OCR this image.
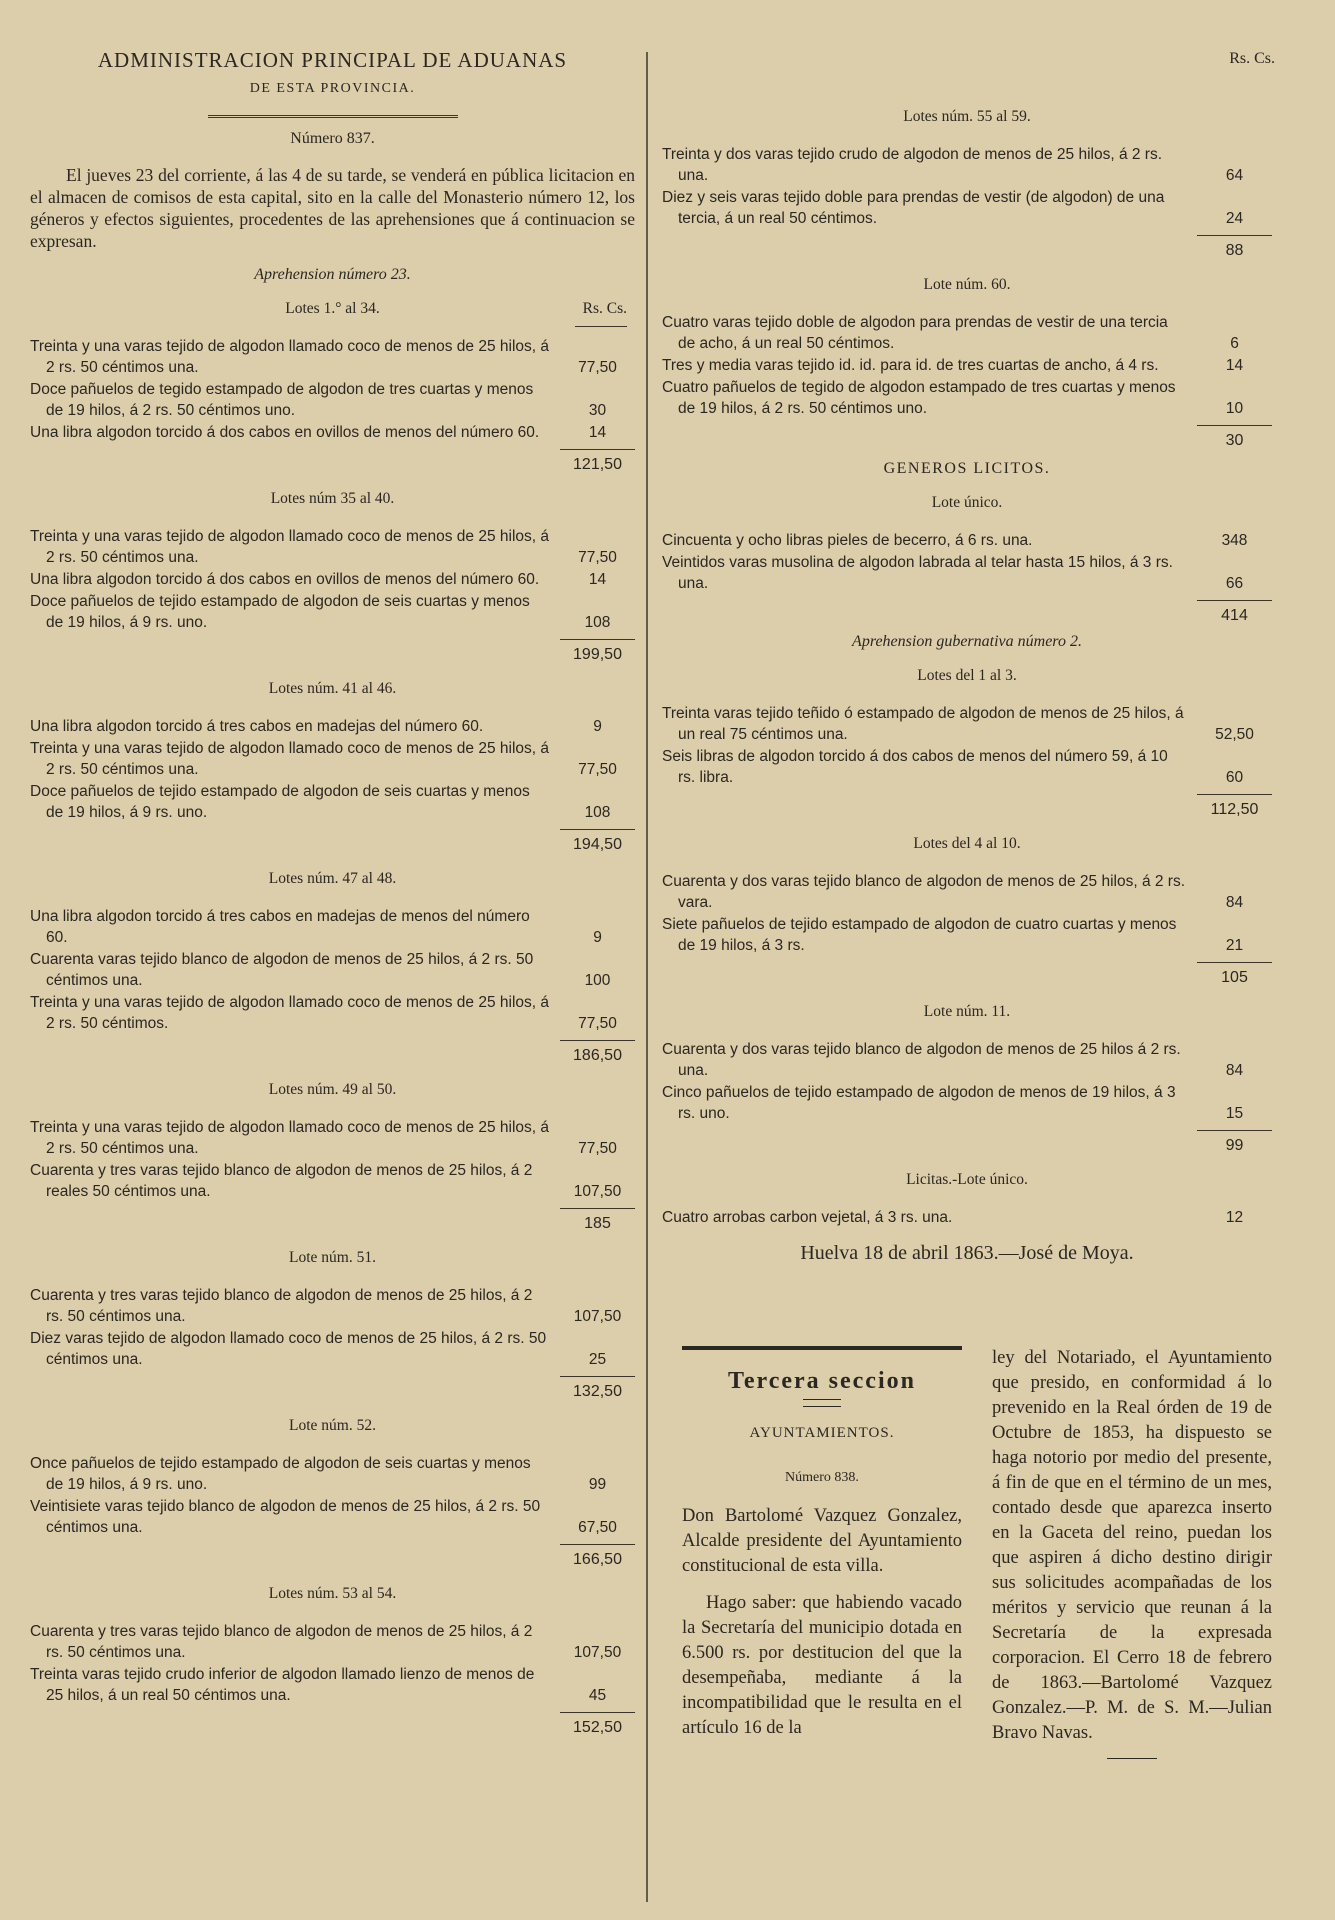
Rs. Cs.
ADMINISTRACION PRINCIPAL DE ADUANAS
DE ESTA PROVINCIA.
Número 837.

El jueves 23 del corriente, á las 4 de su tarde, se venderá en pública licitacion en el almacen de comisos de esta capital, sito en la calle del Monasterio número 12, los géneros y efectos siguientes, procedentes de las aprehensiones que á continuacion se expresan.

Aprehension número 23.
Lotes 1.° al 34.	Rs. Cs.
Treinta y una varas tejido de algodon llamado coco de menos de 25 hilos, á 2 rs. 50 céntimos una.	77,50
Doce pañuelos de tegido estampado de algodon de tres cuartas y menos de 19 hilos, á 2 rs. 50 céntimos uno.	30
Una libra algodon torcido á dos cabos en ovillos de menos del número 60.	14
121,50
Lotes núm 35 al 40.
Treinta y una varas tejido de algodon llamado coco de menos de 25 hilos, á 2 rs. 50 céntimos una.	77,50
Una libra algodon torcido á dos cabos en ovillos de menos del número 60.	14
Doce pañuelos de tejido estampado de algodon de seis cuartas y menos de 19 hilos, á 9 rs. uno.	108
199,50
Lotes núm. 41 al 46.
Una libra algodon torcido á tres cabos en madejas del número 60.	9
Treinta y una varas tejido de algodon llamado coco de menos de 25 hilos, á 2 rs. 50 céntimos una.	77,50
Doce pañuelos de tejido estampado de algodon de seis cuartas y menos de 19 hilos, á 9 rs. uno.	108
194,50
Lotes núm. 47 al 48.
Una libra algodon torcido á tres cabos en madejas de menos del número 60.	9
Cuarenta varas tejido blanco de algodon de menos de 25 hilos, á 2 rs. 50 céntimos una.	100
Treinta y una varas tejido de algodon llamado coco de menos de 25 hilos, á 2 rs. 50 céntimos.	77,50
186,50
Lotes núm. 49 al 50.
Treinta y una varas tejido de algodon llamado coco de menos de 25 hilos, á 2 rs. 50 céntimos una.	77,50
Cuarenta y tres varas tejido blanco de algodon de menos de 25 hilos, á 2 reales 50 céntimos una.	107,50
185
Lote núm. 51.
Cuarenta y tres varas tejido blanco de algodon de menos de 25 hilos, á 2 rs. 50 céntimos una.	107,50
Diez varas tejido de algodon llamado coco de menos de 25 hilos, á 2 rs. 50 céntimos una.	25
132,50
Lote núm. 52.
Once pañuelos de tejido estampado de algodon de seis cuartas y menos de 19 hilos, á 9 rs. uno.	99
Veintisiete varas tejido blanco de algodon de menos de 25 hilos, á 2 rs. 50 céntimos una.	67,50
166,50
Lotes núm. 53 al 54.
Cuarenta y tres varas tejido blanco de algodon de menos de 25 hilos, á 2 rs. 50 céntimos una.	107,50
Treinta varas tejido crudo inferior de algodon llamado lienzo de menos de 25 hilos, á un real 50 céntimos una.	45
152,50
Lotes núm. 55 al 59.
Treinta y dos varas tejido crudo de algodon de menos de 25 hilos, á 2 rs. una.	64
Diez y seis varas tejido doble para prendas de vestir (de algodon) de una tercia, á un real 50 céntimos.	24
88
Lote núm. 60.
Cuatro varas tejido doble de algodon para prendas de vestir de una tercia de acho, á un real 50 céntimos.	6
Tres y media varas tejido id. id. para id. de tres cuartas de ancho, á 4 rs.	14
Cuatro pañuelos de tegido de algodon estampado de tres cuartas y menos de 19 hilos, á 2 rs. 50 céntimos uno.	10
30
GENEROS LICITOS.
Lote único.
Cincuenta y ocho libras pieles de becerro, á 6 rs. una.	348
Veintidos varas musolina de algodon labrada al telar hasta 15 hilos, á 3 rs. una.	66
414
Aprehension gubernativa número 2.
Lotes del 1 al 3.
Treinta varas tejido teñido ó estampado de algodon de menos de 25 hilos, á un real 75 céntimos una.	52,50
Seis libras de algodon torcido á dos cabos de menos del número 59, á 10 rs. libra.	60
112,50
Lotes del 4 al 10.
Cuarenta y dos varas tejido blanco de algodon de menos de 25 hilos, á 2 rs. vara.	84
Siete pañuelos de tejido estampado de algodon de cuatro cuartas y menos de 19 hilos, á 3 rs.	21
105
Lote núm. 11.
Cuarenta y dos varas tejido blanco de algodon de menos de 25 hilos á 2 rs. una.	84
Cinco pañuelos de tejido estampado de algodon de menos de 19 hilos, á 3 rs. uno.	15
99
Licitas.-Lote único.
Cuatro arrobas carbon vejetal, á 3 rs. una.	12
Huelva 18 de abril 1863.—José de Moya.
Tercera seccion
AYUNTAMIENTOS.
Número 838.

Don Bartolomé Vazquez Gonzalez, Alcalde presidente del Ayuntamiento constitucional de esta villa.

Hago saber: que habiendo vacado la Secretaría del municipio dotada en 6.500 rs. por destitucion del que la desempeñaba, mediante á la incompatibilidad que le resulta en el artículo 16 de la

ley del Notariado, el Ayuntamiento que presido, en conformidad á lo prevenido en la Real órden de 19 de Octubre de 1853, ha dispuesto se haga notorio por medio del presente, á fin de que en el término de un mes, contado desde que aparezca inserto en la Gaceta del reino, puedan los que aspiren á dicho destino dirigir sus solicitudes acompañadas de los méritos y servicio que reunan á la Secretaría de la expresada corporacion. El Cerro 18 de febrero de 1863.—Bartolomé Vazquez Gonzalez.—P. M. de S. M.—Julian Bravo Navas.
